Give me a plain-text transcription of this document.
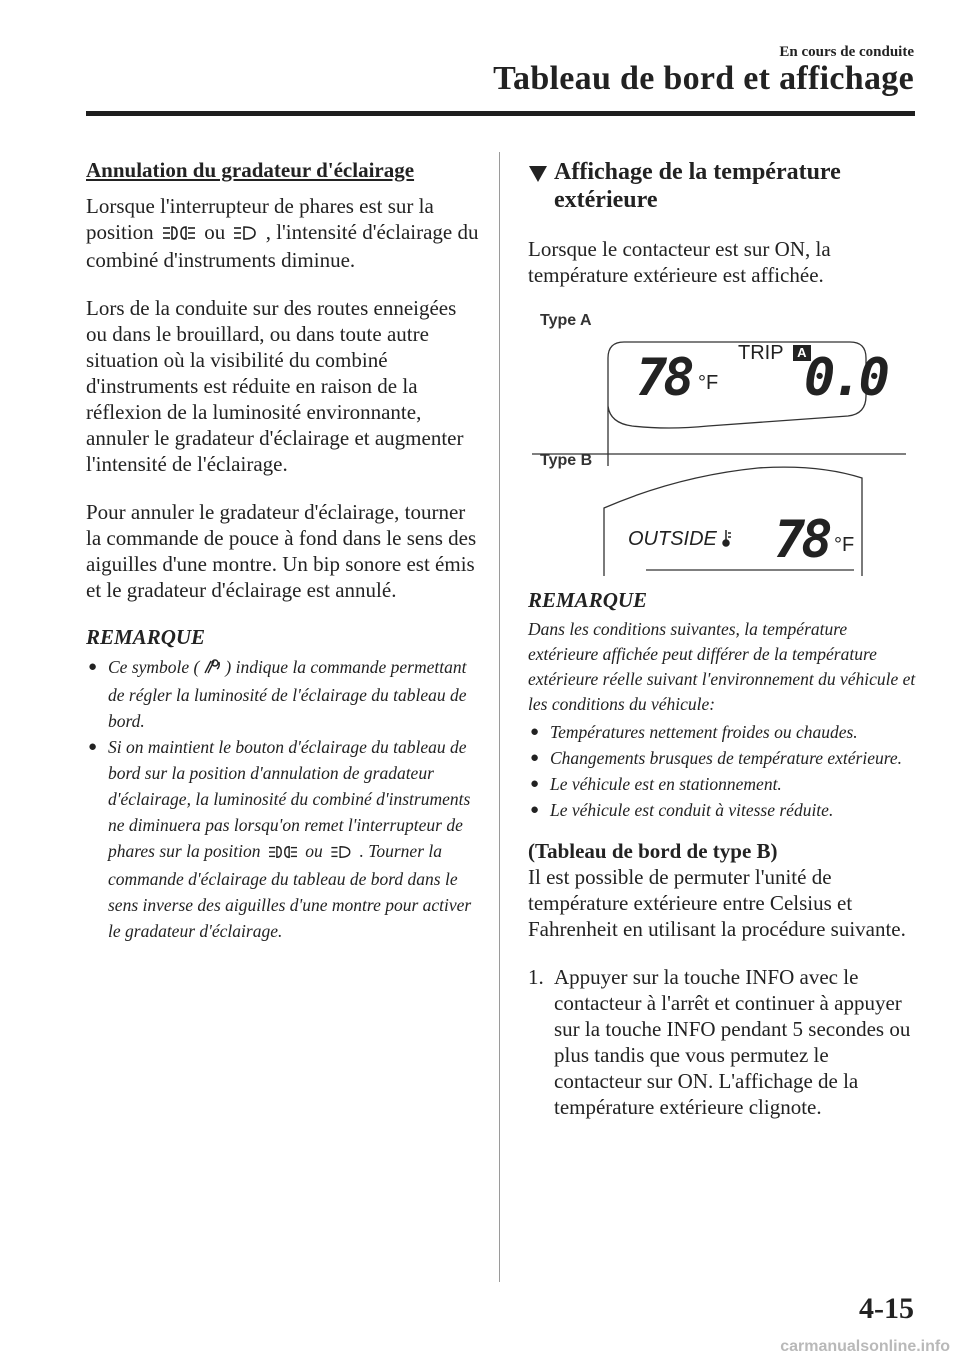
En cours de conduite
Tableau de bord et affichage
Annulation du gradateur d'éclairage

Lorsque l'interrupteur de phares est sur la position ou , l'intensité d'éclairage du combiné d'instruments diminue.

Lors de la conduite sur des routes enneigées ou dans le brouillard, ou dans toute autre situation où la visibilité du combiné d'instruments est réduite en raison de la réflexion de la luminosité environnante, annuler le gradateur d'éclairage et augmenter l'intensité de l'éclairage.

Pour annuler le gradateur d'éclairage, tourner la commande de pouce à fond dans le sens des aiguilles d'une montre. Un bip sonore est émis et le gradateur d'éclairage est annulé.

REMARQUE
● Ce symbole ( ) indique la commande permettant de régler la luminosité de l'éclairage du tableau de bord.
● Si on maintient le bouton d'éclairage du tableau de bord sur la position d'annulation de gradateur d'éclairage, la luminosité du combiné d'instruments ne diminuera pas lorsqu'on remet l'interrupteur de phares sur la position	ou . Tourner la commande d'éclairage du tableau de bord dans le sens inverse des aiguilles d'une montre pour activer le gradateur d'éclairage.
Affichage de la température extérieure

Lorsque le contacteur est sur ON, la température extérieure est affichée.

Type A
78 °F
TRIP A
0.0
Type B
OUTSIDE 78 °F
REMARQUE

Dans les conditions suivantes, la température extérieure affichée peut différer de la température extérieure réelle suivant l'environnement du véhicule et les conditions du véhicule:

● Températures nettement froides ou chaudes.
● Changements brusques de température extérieure.
● Le véhicule est en stationnement.
● Le véhicule est conduit à vitesse réduite.
(Tableau de bord de type B)

Il est possible de permuter l'unité de température extérieure entre Celsius et Fahrenheit en utilisant la procédure suivante.

1. Appuyer sur la touche INFO avec le contacteur à l'arrêt et continuer à appuyer sur la touche INFO pendant 5 secondes ou plus tandis que vous permutez le contacteur sur ON. L'affichage de la température extérieure clignote.
4-15
carmanualsonline.info
